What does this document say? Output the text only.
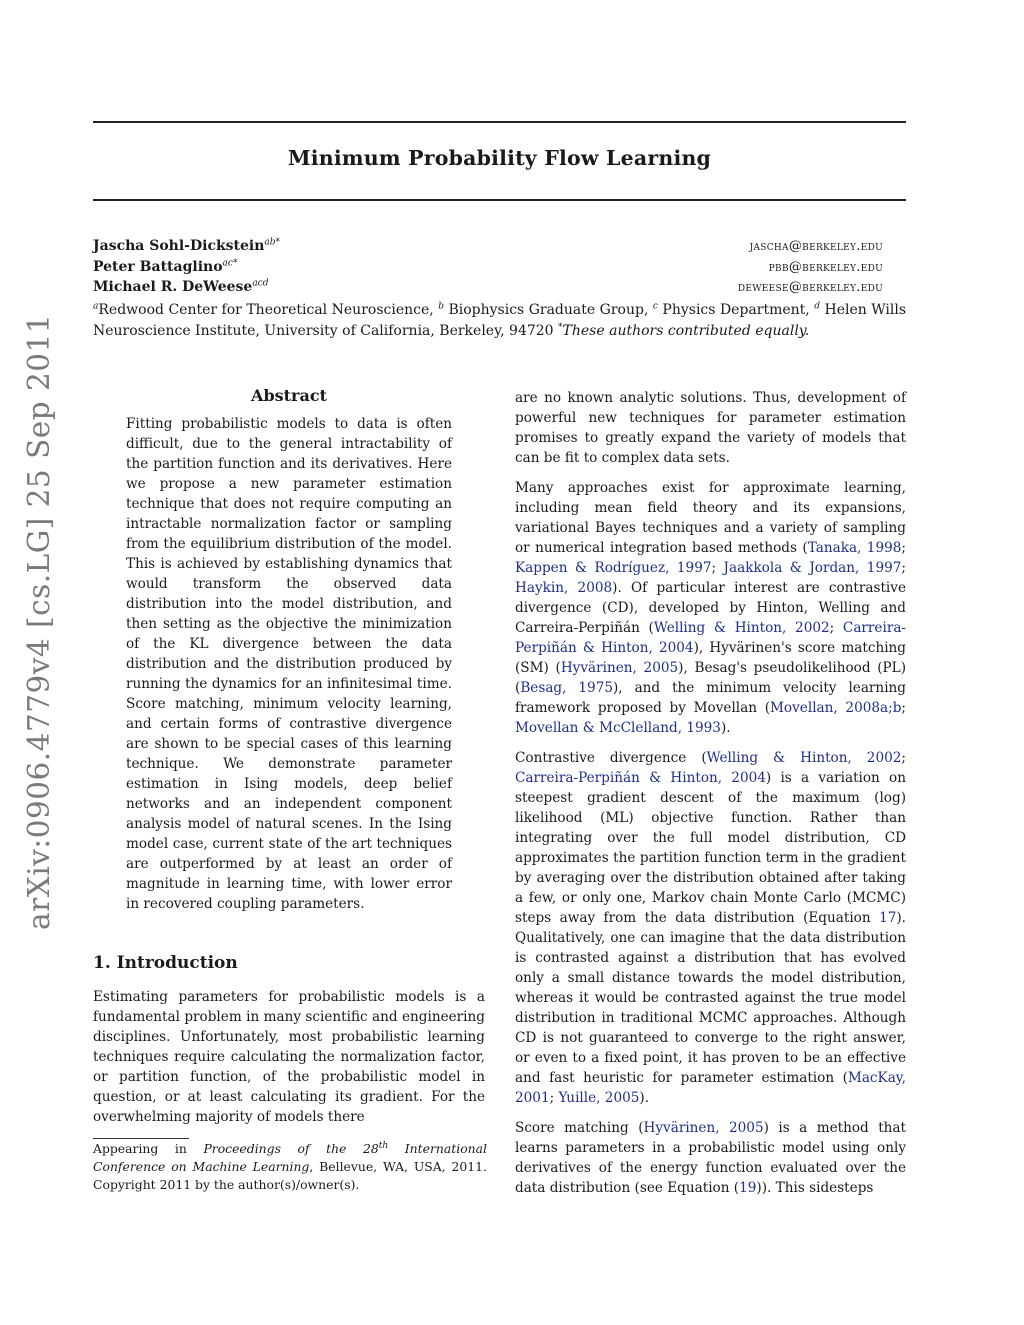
arXiv:0906.4779v4 [cs.LG] 25 Sep 2011
Minimum Probability Flow Learning
Jascha Sohl-Dickstein$^{ab*}$	jascha@berkeley.edu
Peter Battaglino$^{ac*}$	pbb@berkeley.edu
Michael R. DeWeese$^{acd}$	deweese@berkeley.edu
$^a$Redwood Center for Theoretical Neuroscience, $^b$ Biophysics Graduate Group, $^c$ Physics Department, $^d$ Helen Wills Neuroscience Institute, University of California, Berkeley, 94720 *These authors contributed equally.
Abstract
Fitting probabilistic models to data is often difficult, due to the general intractability of the partition function and its derivatives. Here we propose a new parameter estimation technique that does not require computing an intractable normalization factor or sampling from the equilibrium distribution of the model. This is achieved by establishing dynamics that would transform the observed data distribution into the model distribution, and then setting as the objective the minimization of the KL divergence between the data distribution and the distribution produced by running the dynamics for an infinitesimal time. Score matching, minimum velocity learning, and certain forms of contrastive divergence are shown to be special cases of this learning technique. We demonstrate parameter estimation in Ising models, deep belief networks and an independent component analysis model of natural scenes. In the Ising model case, current state of the art techniques are outperformed by at least an order of magnitude in learning time, with lower error in recovered coupling parameters.
1. Introduction
Estimating parameters for probabilistic models is a fundamental problem in many scientific and engineering disciplines. Unfortunately, most probabilistic learning techniques require calculating the normalization factor, or partition function, of the probabilistic model in question, or at least calculating its gradient. For the overwhelming majority of models there
Appearing in Proceedings of the 28th International Conference on Machine Learning, Bellevue, WA, USA, 2011. Copyright 2011 by the author(s)/owner(s).

are no known analytic solutions. Thus, development of powerful new techniques for parameter estimation promises to greatly expand the variety of models that can be fit to complex data sets.

Many approaches exist for approximate learning, including mean field theory and its expansions, variational Bayes techniques and a variety of sampling or numerical integration based methods (Tanaka, 1998; Kappen & Rodríguez, 1997; Jaakkola & Jordan, 1997; Haykin, 2008). Of particular interest are contrastive divergence (CD), developed by Hinton, Welling and Carreira-Perpiñán (Welling & Hinton, 2002; Carreira-Perpiñán & Hinton, 2004), Hyvärinen's score matching (SM) (Hyvärinen, 2005), Besag's pseudolikelihood (PL) (Besag, 1975), and the minimum velocity learning framework proposed by Movellan (Movellan, 2008a;b; Movellan & McClelland, 1993).

Contrastive divergence (Welling & Hinton, 2002; Carreira-Perpiñán & Hinton, 2004) is a variation on steepest gradient descent of the maximum (log) likelihood (ML) objective function. Rather than integrating over the full model distribution, CD approximates the partition function term in the gradient by averaging over the distribution obtained after taking a few, or only one, Markov chain Monte Carlo (MCMC) steps away from the data distribution (Equation 17). Qualitatively, one can imagine that the data distribution is contrasted against a distribution that has evolved only a small distance towards the model distribution, whereas it would be contrasted against the true model distribution in traditional MCMC approaches. Although CD is not guaranteed to converge to the right answer, or even to a fixed point, it has proven to be an effective and fast heuristic for parameter estimation (MacKay, 2001; Yuille, 2005).

Score matching (Hyvärinen, 2005) is a method that learns parameters in a probabilistic model using only derivatives of the energy function evaluated over the data distribution (see Equation (19)). This sidesteps
